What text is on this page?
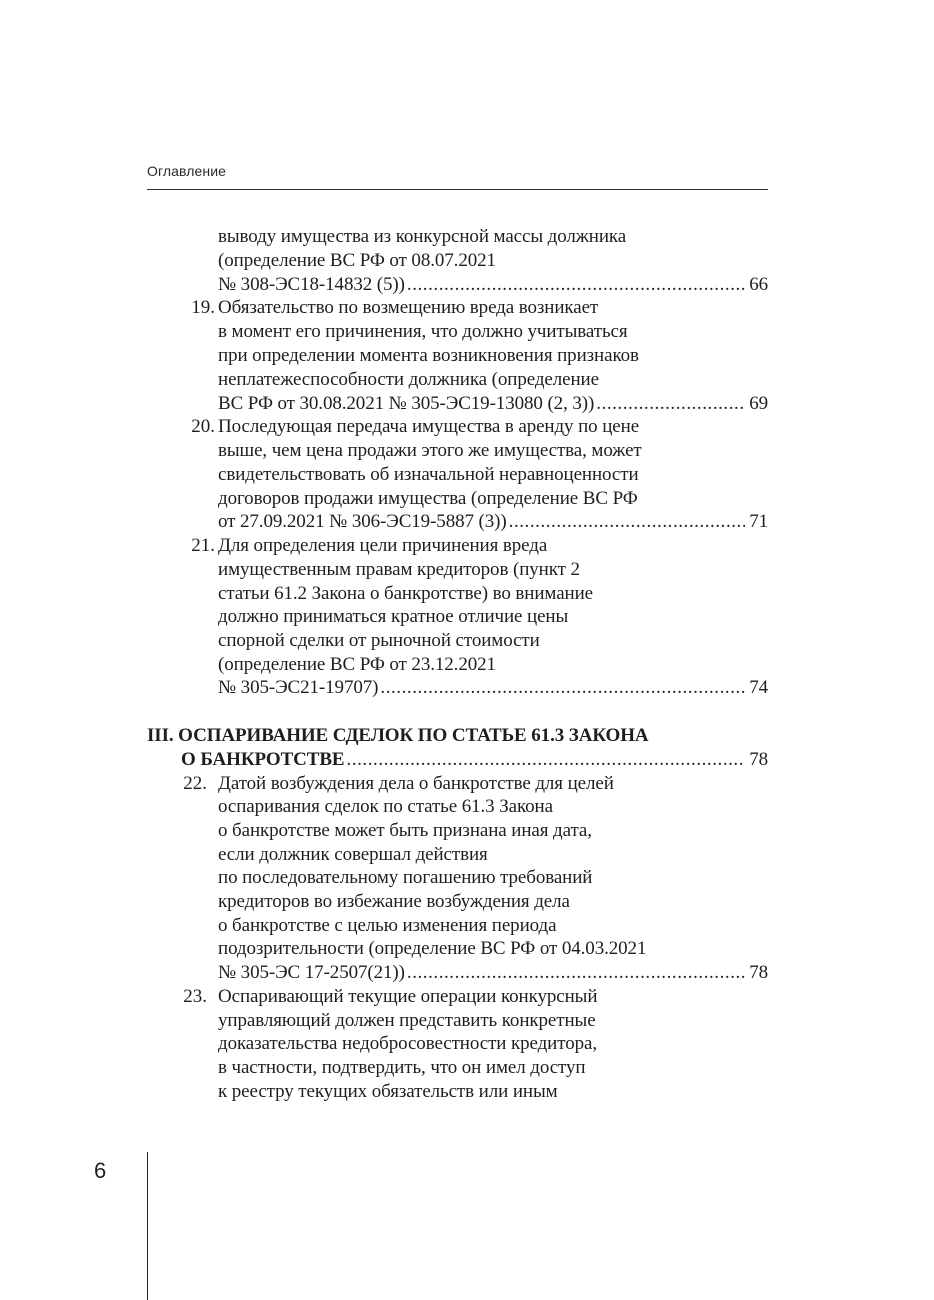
Оглавление
выводу имущества из конкурсной массы должника
(определение ВС РФ от 08.07.2021
№ 308-ЭС18-14832 (5)) . . .	66
19. Обязательство по возмещению вреда возникает
в момент его причинения, что должно учитываться
при определении момента возникновения признаков
неплатежеспособности должника (определение
ВС РФ от 30.08.2021 № 305-ЭС19-13080 (2, 3)) . . .	69
20. Последующая передача имущества в аренду по цене
выше, чем цена продажи этого же имущества, может
свидетельствовать об изначальной неравноценности
договоров продажи имущества (определение ВС РФ
от 27.09.2021 № 306-ЭС19-5887 (3)) . . .	71
21. Для определения цели причинения вреда
имущественным правам кредиторов (пункт 2
статьи 61.2 Закона о банкротстве) во внимание
должно приниматься кратное отличие цены
спорной сделки от рыночной стоимости
(определение ВС РФ от 23.12.2021
№ 305-ЭС21-19707) . . .	74
III. ОСПАРИВАНИЕ СДЕЛОК ПО СТАТЬЕ 61.3 ЗАКОНА
О БАНКРОТСТВЕ . . .	78
22. Датой возбуждения дела о банкротстве для целей
оспаривания сделок по статье 61.3 Закона
о банкротстве может быть признана иная дата,
если должник совершал действия
по последовательному погашению требований
кредиторов во избежание возбуждения дела
о банкротстве с целью изменения периода
подозрительности (определение ВС РФ от 04.03.2021
№ 305-ЭС 17-2507(21)) . . .	78
23. Оспаривающий текущие операции конкурсный
управляющий должен представить конкретные
доказательства недобросовестности кредитора,
в частности, подтвердить, что он имел доступ
к реестру текущих обязательств или иным
6
